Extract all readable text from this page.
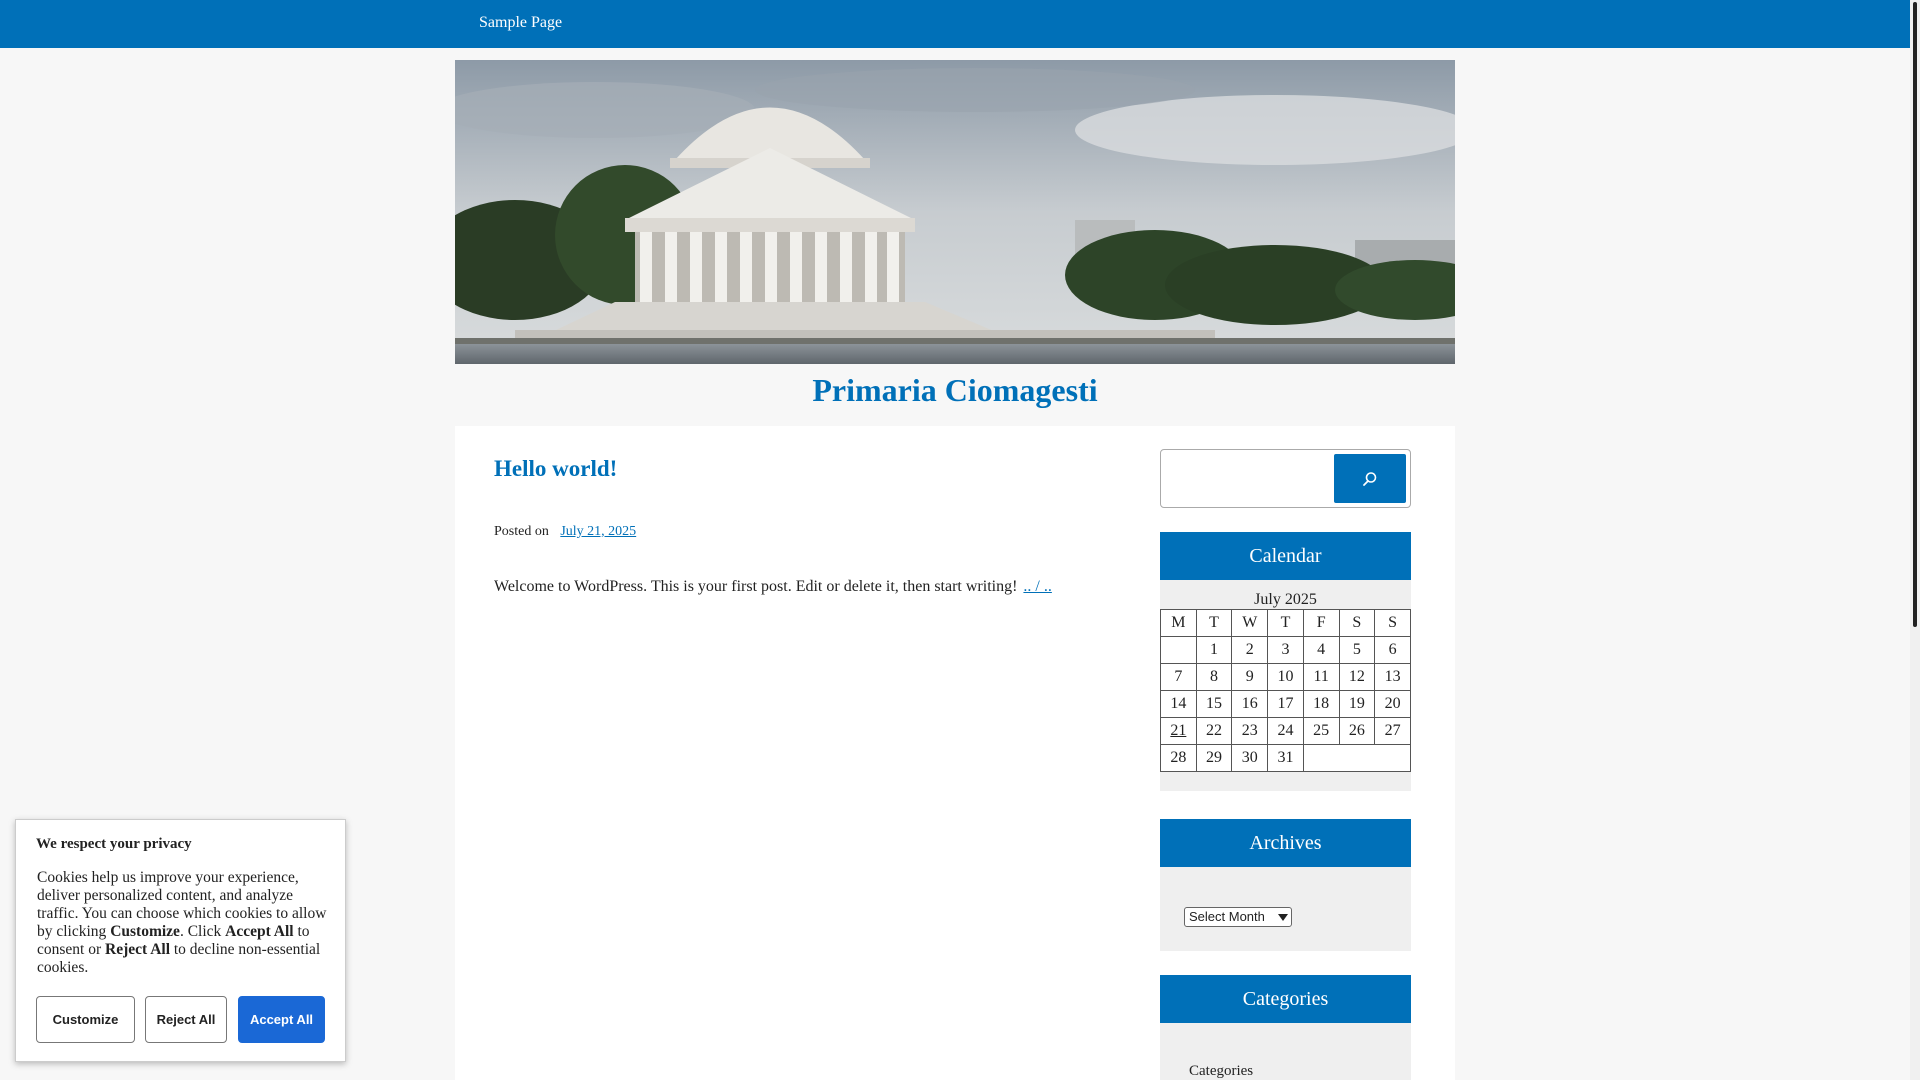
Sample Page
Primaria Ciomagesti
Hello world!
Posted on July 21, 2025
Welcome to WordPress. This is your first post. Edit or delete it, then start writing! .. / ..
Calendar
July 2025
M	T	W	T	F	S	S
	1	2	3	4	5	6
7	8	9	10	11	12	13
14	15	16	17	18	19	20
21	22	23	24	25	26	27
28	29	30	31			
Archives
Select Month
Categories
Categories
We respect your privacy

Cookies help us improve your experience, deliver personalized content, and analyze traffic. You can choose which cookies to allow by clicking Customize. Click Accept All to consent or Reject All to decline non-essential cookies.

Customize	Reject All	Accept All
